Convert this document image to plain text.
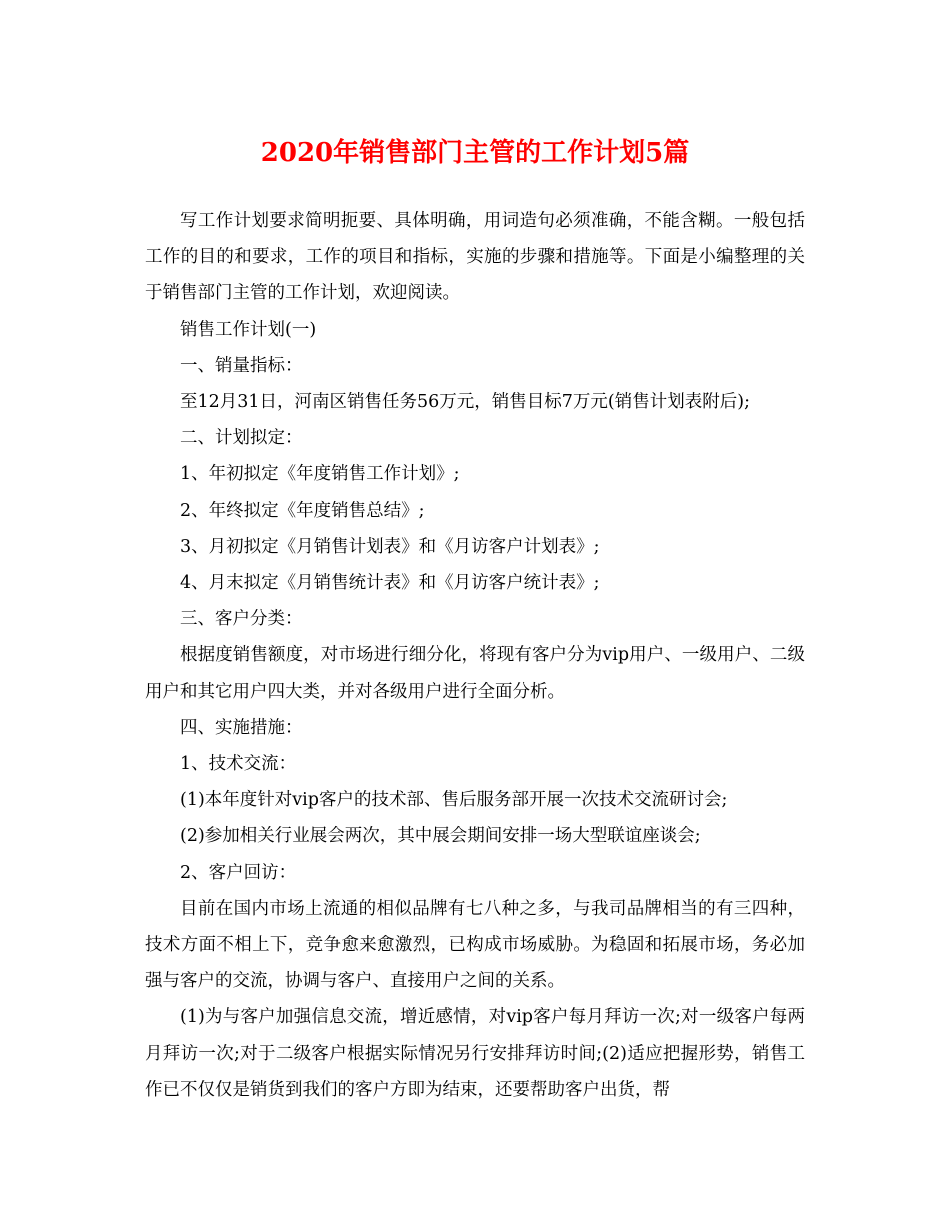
2020年销售部门主管的工作计划5篇

写工作计划要求简明扼要、具体明确，用词造句必须准确，不能含糊。一般包括工作的目的和要求，工作的项目和指标，实施的步骤和措施等。下面是小编整理的关于销售部门主管的工作计划，欢迎阅读。

销售工作计划(一)

一、销量指标：

至12月31日，河南区销售任务56万元，销售目标7万元(销售计划表附后);

二、计划拟定：

1、年初拟定《年度销售工作计划》;

2、年终拟定《年度销售总结》;

3、月初拟定《月销售计划表》和《月访客户计划表》;

4、月末拟定《月销售统计表》和《月访客户统计表》;

三、客户分类：

根据度销售额度，对市场进行细分化，将现有客户分为vip用户、一级用户、二级用户和其它用户四大类，并对各级用户进行全面分析。

四、实施措施：

1、技术交流：

(1)本年度针对vip客户的技术部、售后服务部开展一次技术交流研讨会;

(2)参加相关行业展会两次，其中展会期间安排一场大型联谊座谈会;

2、客户回访：

目前在国内市场上流通的相似品牌有七八种之多，与我司品牌相当的有三四种，技术方面不相上下，竞争愈来愈激烈，已构成市场威胁。为稳固和拓展市场，务必加强与客户的交流，协调与客户、直接用户之间的关系。

(1)为与客户加强信息交流，增近感情，对vip客户每月拜访一次;对一级客户每两月拜访一次;对于二级客户根据实际情况另行安排拜访时间;(2)适应把握形势，销售工作已不仅仅是销货到我们的客户方即为结束，还要帮助客户出货，帮
